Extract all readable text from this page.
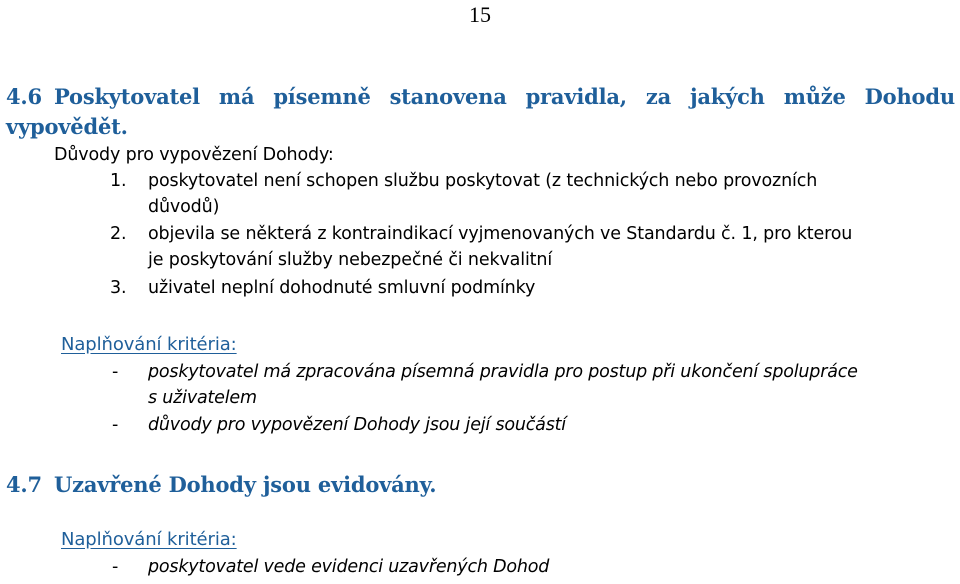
15
4.6 Poskytovatel má písemně stanovena pravidla, za jakých může Dohodu
vypovědět.
Důvody pro vypovězení Dohody:
1. poskytovatel není schopen službu poskytovat (z technických nebo provozních
důvodů)
2. objevila se některá z kontraindikací vyjmenovaných ve Standardu č. 1, pro kterou
je poskytování služby nebezpečné či nekvalitní
3. uživatel neplní dohodnuté smluvní podmínky
Naplňování kritéria:
- poskytovatel má zpracována písemná pravidla pro postup při ukončení spolupráce
s uživatelem
- důvody pro vypovězení Dohody jsou její součástí
4.7 Uzavřené Dohody jsou evidovány.
Naplňování kritéria:
- poskytovatel vede evidenci uzavřených Dohod
